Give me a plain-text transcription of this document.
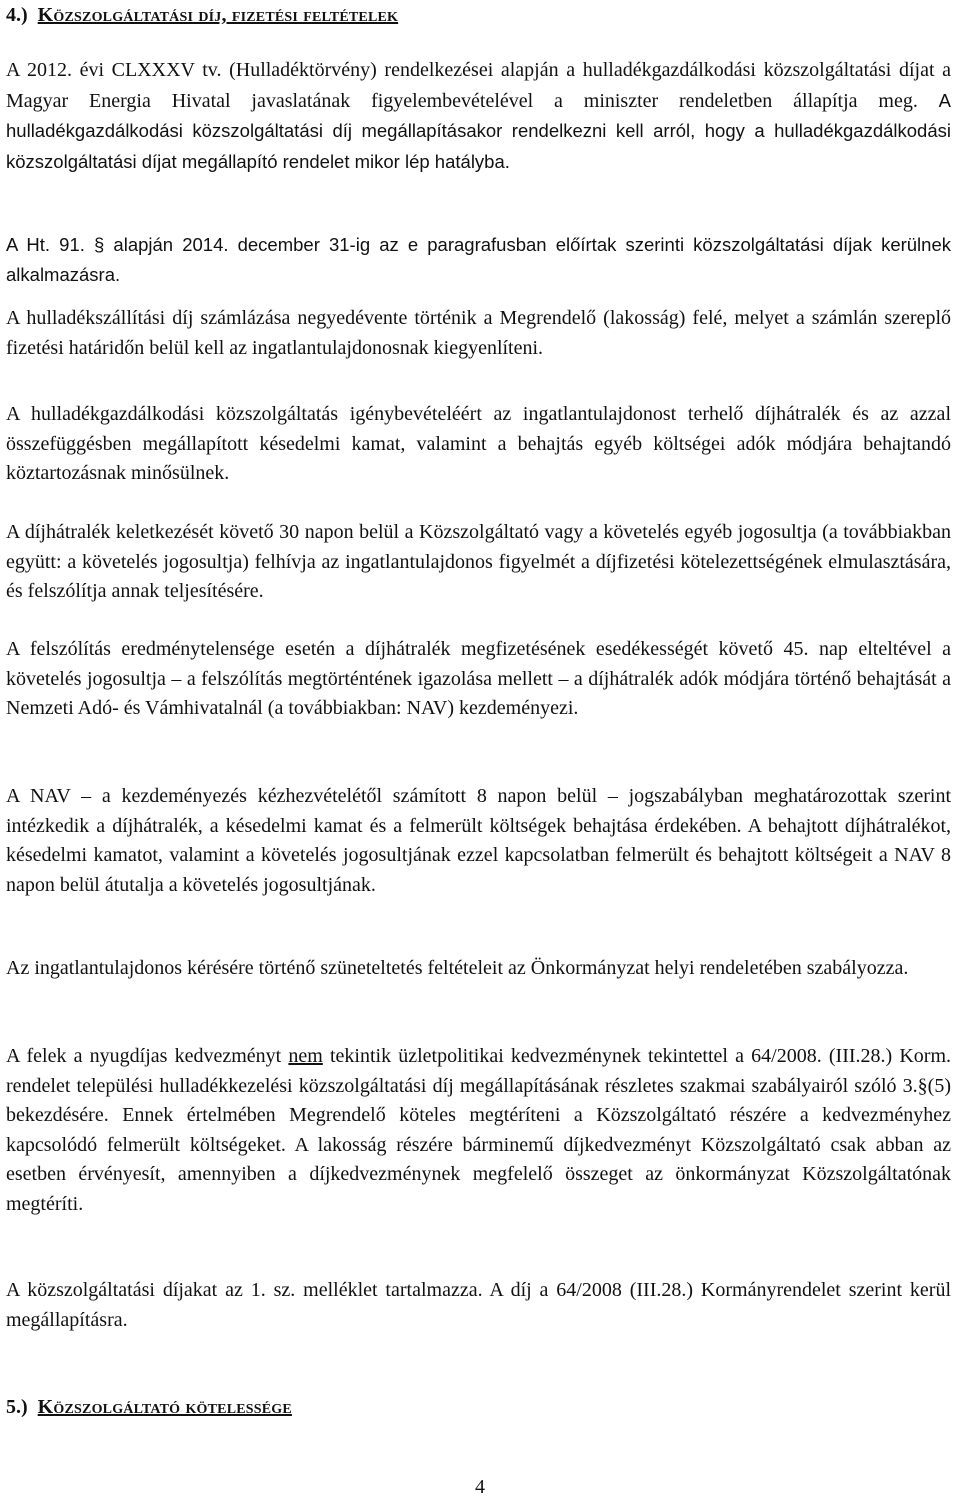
4.) Közszolgáltatási díj, fizetési feltételek

A 2012. évi CLXXXV tv. (Hulladéktörvény) rendelkezései alapján a hulladékgazdálkodási közszolgáltatási díjat a Magyar Energia Hivatal javaslatának figyelembevételével a miniszter rendeletben állapítja meg. A hulladékgazdálkodási közszolgáltatási díj megállapításakor rendelkezni kell arról, hogy a hulladékgazdálkodási közszolgáltatási díjat megállapító rendelet mikor lép hatályba.

A Ht. 91. § alapján 2014. december 31-ig az e paragrafusban előírtak szerinti közszolgáltatási díjak kerülnek alkalmazásra.

A hulladékszállítási díj számlázása negyedévente történik a Megrendelő (lakosság) felé, melyet a számlán szereplő fizetési határidőn belül kell az ingatlantulajdonosnak kiegyenlíteni.

A hulladékgazdálkodási közszolgáltatás igénybevételéért az ingatlantulajdonost terhelő díjhátralék és az azzal összefüggésben megállapított késedelmi kamat, valamint a behajtás egyéb költségei adók módjára behajtandó köztartozásnak minősülnek.

A díjhátralék keletkezését követő 30 napon belül a Közszolgáltató vagy a követelés egyéb jogosultja (a továbbiakban együtt: a követelés jogosultja) felhívja az ingatlantulajdonos figyelmét a díjfizetési kötelezettségének elmulasztására, és felszólítja annak teljesítésére.

A felszólítás eredménytelensége esetén a díjhátralék megfizetésének esedékességét követő 45. nap elteltével a követelés jogosultja – a felszólítás megtörténtének igazolása mellett – a díjhátralék adók módjára történő behajtását a Nemzeti Adó- és Vámhivatalnál (a továbbiakban: NAV) kezdeményezi.

A NAV – a kezdeményezés kézhezvételétől számított 8 napon belül – jogszabályban meghatározottak szerint intézkedik a díjhátralék, a késedelmi kamat és a felmerült költségek behajtása érdekében. A behajtott díjhátralékot, késedelmi kamatot, valamint a követelés jogosultjának ezzel kapcsolatban felmerült és behajtott költségeit a NAV 8 napon belül átutalja a követelés jogosultjának.

Az ingatlantulajdonos kérésére történő szüneteltetés feltételeit az Önkormányzat helyi rendeletében szabályozza.

A felek a nyugdíjas kedvezményt nem tekintik üzletpolitikai kedvezménynek tekintettel a 64/2008. (III.28.) Korm. rendelet települési hulladékkezelési közszolgáltatási díj megállapításának részletes szakmai szabályairól szóló 3.§(5) bekezdésére. Ennek értelmében Megrendelő köteles megtéríteni a Közszolgáltató részére a kedvezményhez kapcsolódó felmerült költségeket. A lakosság részére bárminemű díjkedvezményt Közszolgáltató csak abban az esetben érvényesít, amennyiben a díjkedvezménynek megfelelő összeget az önkormányzat Közszolgáltatónak megtéríti.

A közszolgáltatási díjakat az 1. sz. melléklet tartalmazza. A díj a 64/2008 (III.28.) Kormányrendelet szerint kerül megállapításra.

5.) Közszolgáltató kötelessége
4
